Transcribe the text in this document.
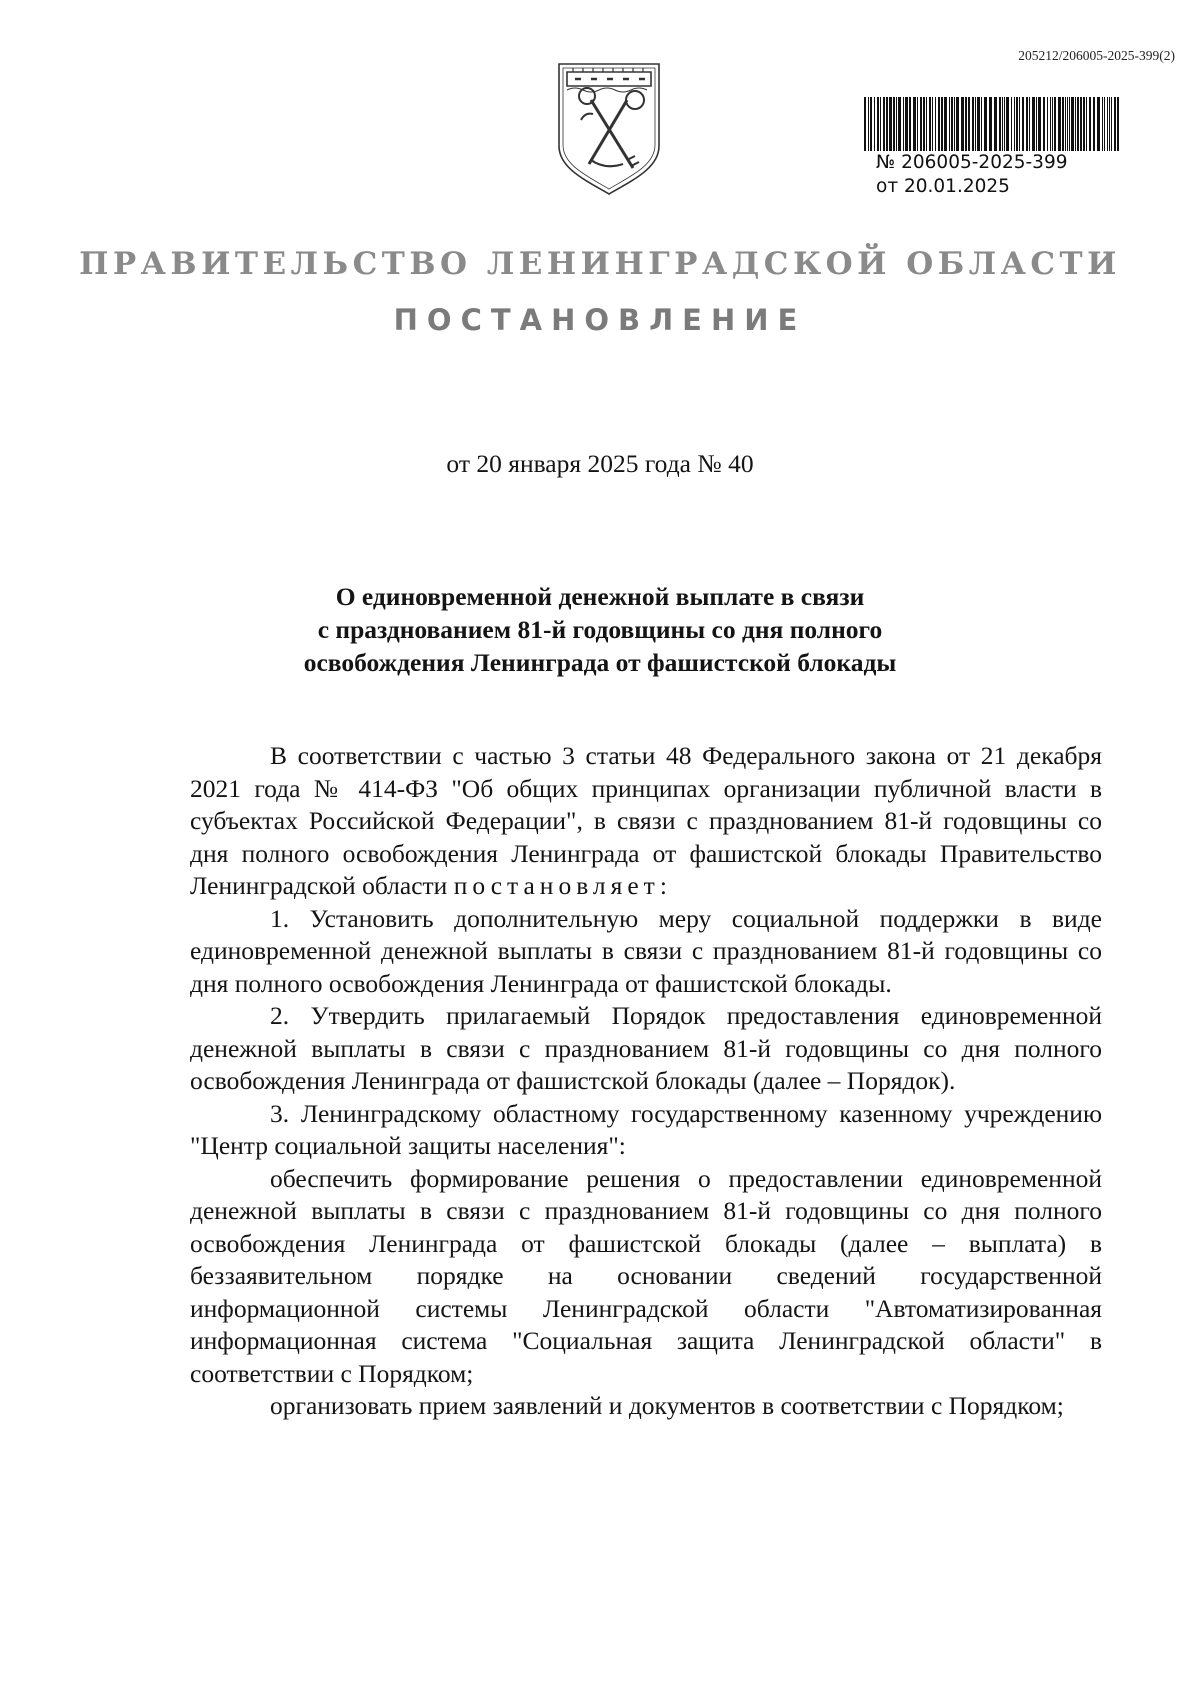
205212/206005-2025-399(2)
№ 206005-2025-399
от 20.01.2025
ПРАВИТЕЛЬСТВО ЛЕНИНГРАДСКОЙ ОБЛАСТИ
ПОСТАНОВЛЕНИЕ
от 20 января 2025 года № 40
О единовременной денежной выплате в связи
с празднованием 81-й годовщины со дня полного
освобождения Ленинграда от фашистской блокады

В соответствии с частью 3 статьи 48 Федерального закона от 21 декабря 2021 года № 414-ФЗ "Об общих принципах организации публичной власти в субъектах Российской Федерации", в связи с празднованием 81-й годовщины со дня полного освобождения Ленинграда от фашистской блокады Правительство Ленинградской области постановляет:

1. Установить дополнительную меру социальной поддержки в виде единовременной денежной выплаты в связи с празднованием 81-й годовщины со дня полного освобождения Ленинграда от фашистской блокады.

2. Утвердить прилагаемый Порядок предоставления единовременной денежной выплаты в связи с празднованием 81-й годовщины со дня полного освобождения Ленинграда от фашистской блокады (далее – Порядок).

3. Ленинградскому областному государственному казенному учреждению "Центр социальной защиты населения":

обеспечить формирование решения о предоставлении единовременной денежной выплаты в связи с празднованием 81-й годовщины со дня полного освобождения Ленинграда от фашистской блокады (далее – выплата) в беззаявительном порядке на основании сведений государственной информационной системы Ленинградской области "Автоматизированная информационная система "Социальная защита Ленинградской области" в соответствии с Порядком;

организовать прием заявлений и документов в соответствии с Порядком;
